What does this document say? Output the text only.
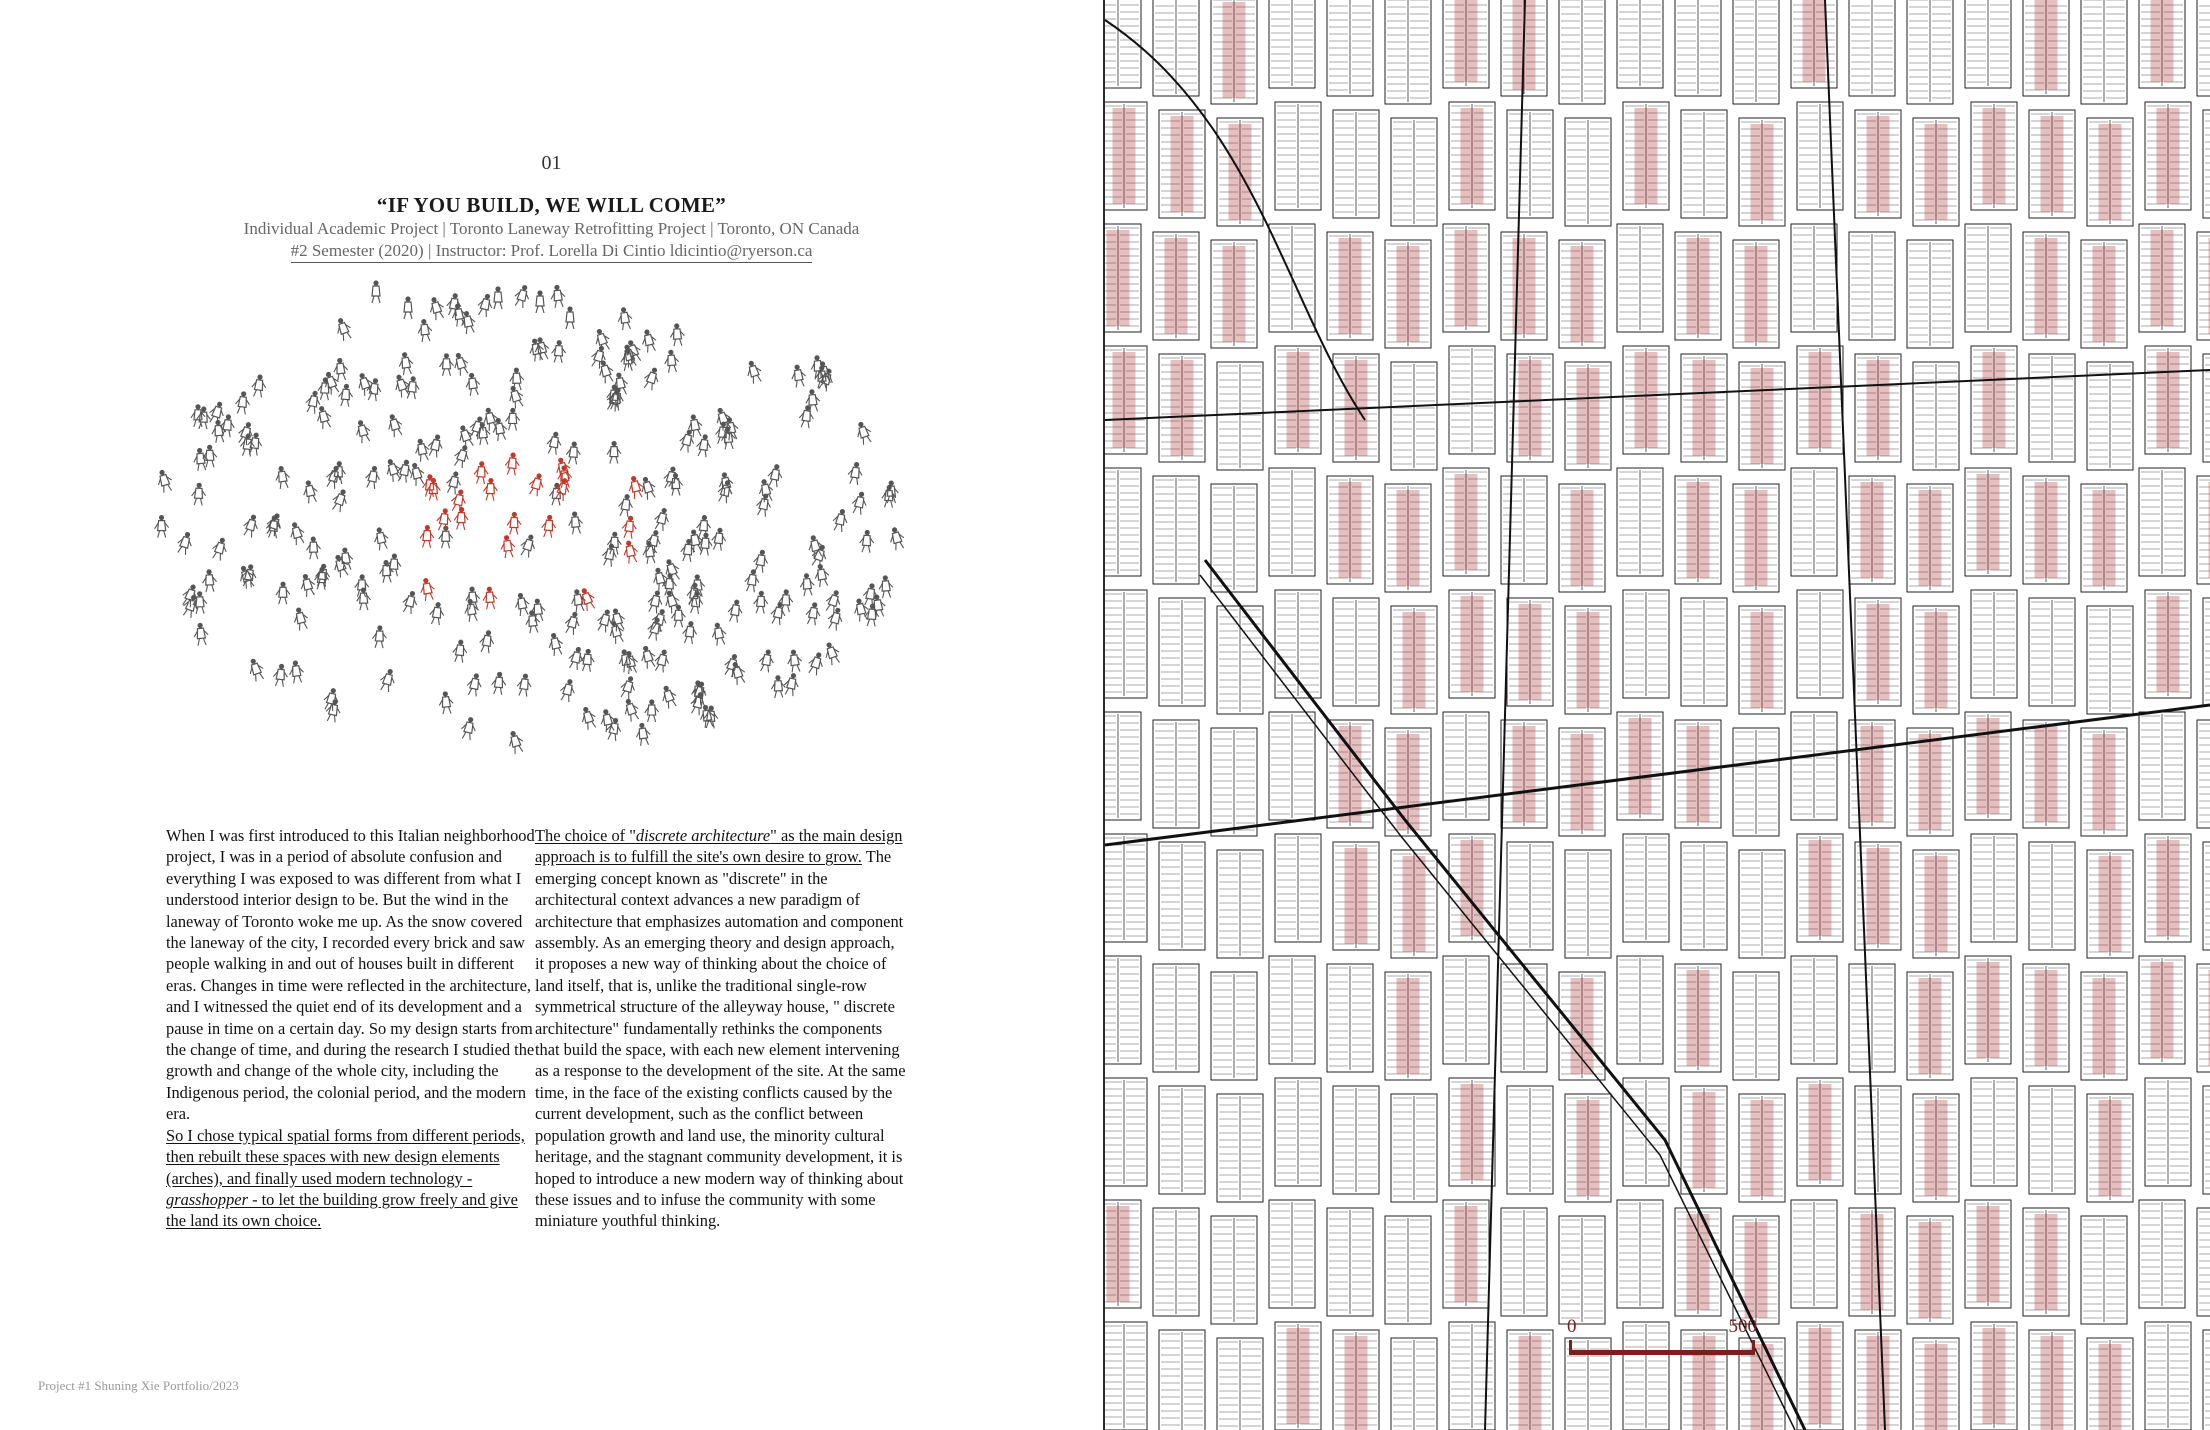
01
“IF YOU BUILD, WE WILL COME”
Individual Academic Project | Toronto Laneway Retrofitting Project | Toronto, ON Canada
#2 Semester (2020) | Instructor: Prof. Lorella Di Cintio ldicintio@ryerson.ca

When I was first introduced to this Italian neighborhood project, I was in a period of absolute confusion and everything I was exposed to was different from what I understood interior design to be. But the wind in the laneway of Toronto woke me up. As the snow covered the laneway of the city, I recorded every brick and saw people walking in and out of houses built in different eras. Changes in time were reflected in the architecture, and I witnessed the quiet end of its development and a pause in time on a certain day. So my design starts from the change of time, and during the research I studied the growth and change of the whole city, including the Indigenous period, the colonial period, and the modern era.

So I chose typical spatial forms from different periods, then rebuilt these spaces with new design elements (arches), and finally used modern technology - grasshopper - to let the building grow freely and give the land its own choice.

The choice of "discrete architecture" as the main design approach is to fulfill the site's own desire to grow. The emerging concept known as "discrete" in the architectural context advances a new paradigm of architecture that emphasizes automation and component assembly. As an emerging theory and design approach, it proposes a new way of thinking about the choice of land itself, that is, unlike the traditional single-row symmetrical structure of the alleyway house, " discrete architecture" fundamentally rethinks the components that build the space, with each new element intervening as a response to the development of the site. At the same time, in the face of the existing conflicts caused by the current development, such as the conflict between population growth and land use, the minority cultural heritage, and the stagnant community development, it is hoped to introduce a new modern way of thinking about these issues and to infuse the community with some miniature youthful thinking.

Project #1 Shuning Xie Portfolio/2023
0	500
